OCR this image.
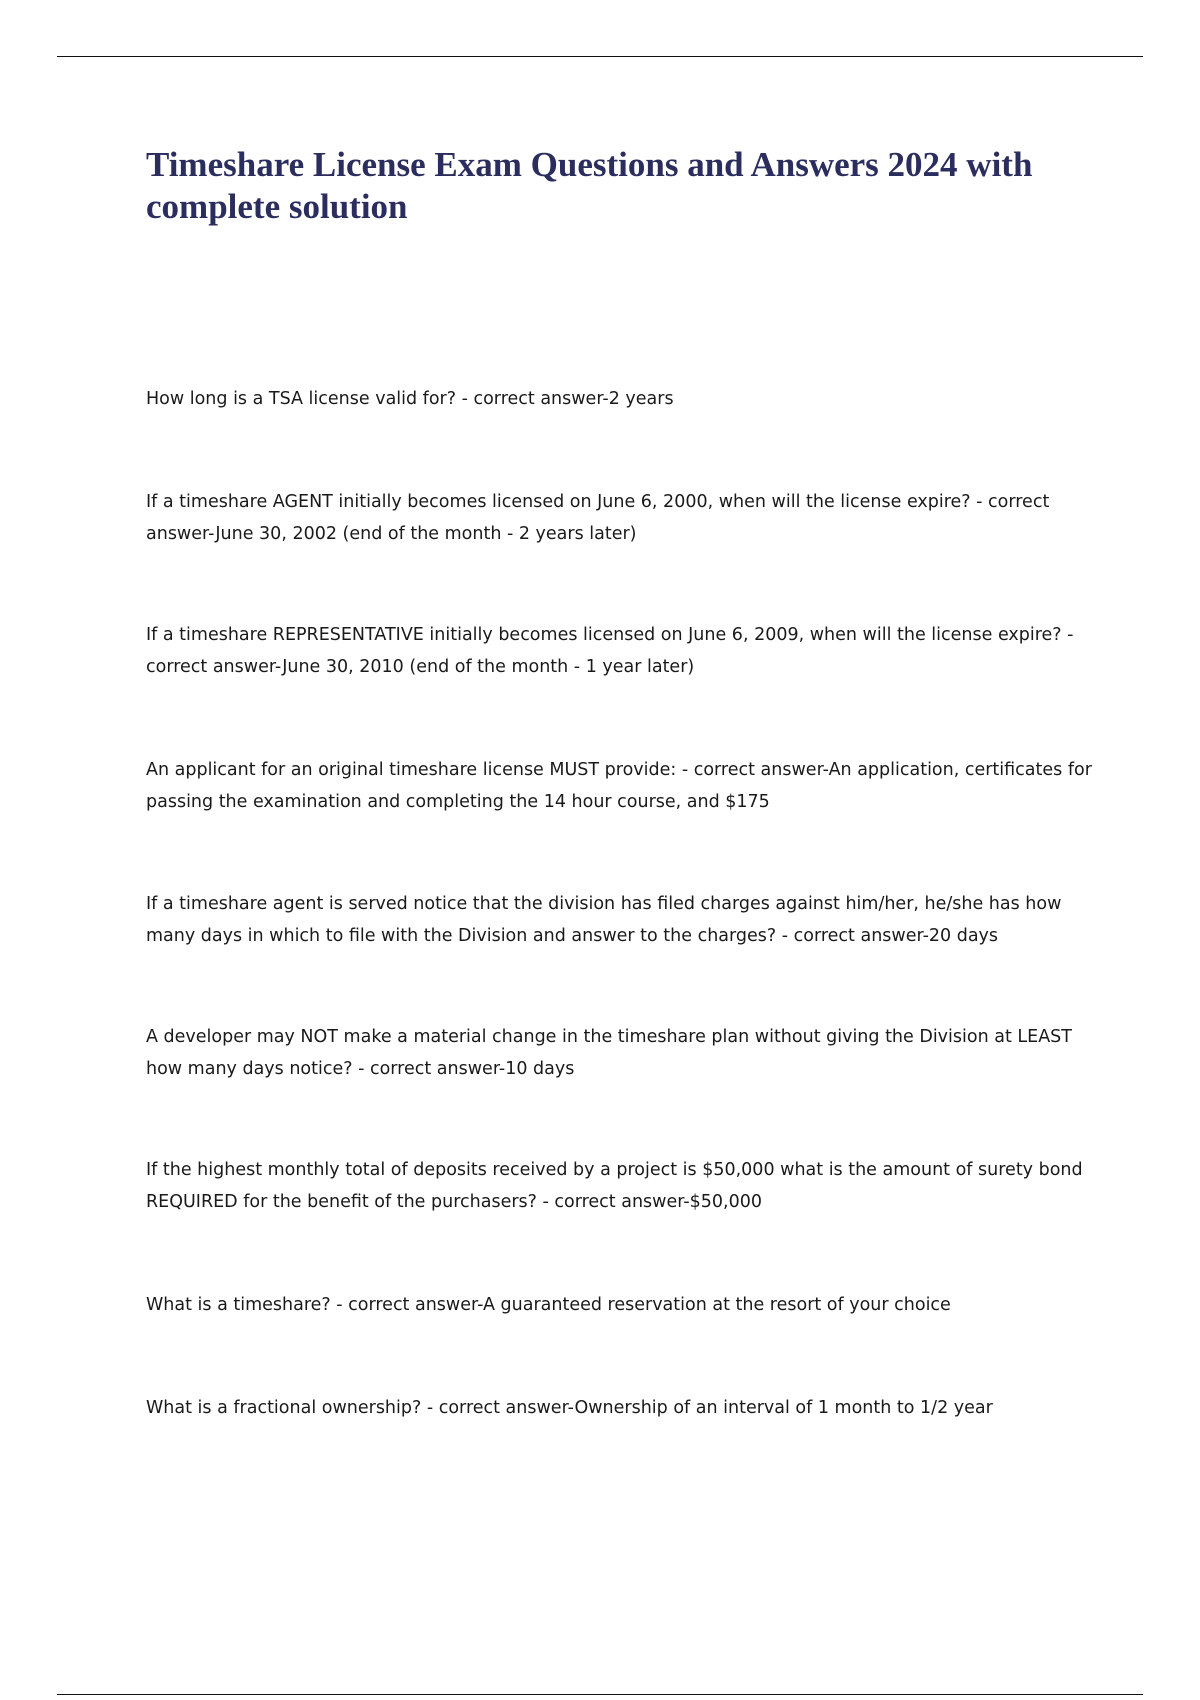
Timeshare License Exam Questions and Answers 2024 with complete solution

How long is a TSA license valid for? - correct answer-2 years

If a timeshare AGENT initially becomes licensed on June 6, 2000, when will the license expire? - correct answer-June 30, 2002 (end of the month - 2 years later)

If a timeshare REPRESENTATIVE initially becomes licensed on June 6, 2009, when will the license expire? - correct answer-June 30, 2010 (end of the month - 1 year later)

An applicant for an original timeshare license MUST provide: - correct answer-An application, certificates for passing the examination and completing the 14 hour course, and $175

If a timeshare agent is served notice that the division has filed charges against him/her, he/she has how many days in which to file with the Division and answer to the charges? - correct answer-20 days

A developer may NOT make a material change in the timeshare plan without giving the Division at LEAST how many days notice? - correct answer-10 days

If the highest monthly total of deposits received by a project is $50,000 what is the amount of surety bond REQUIRED for the benefit of the purchasers? - correct answer-$50,000

What is a timeshare? - correct answer-A guaranteed reservation at the resort of your choice

What is a fractional ownership? - correct answer-Ownership of an interval of 1 month to 1/2 year
